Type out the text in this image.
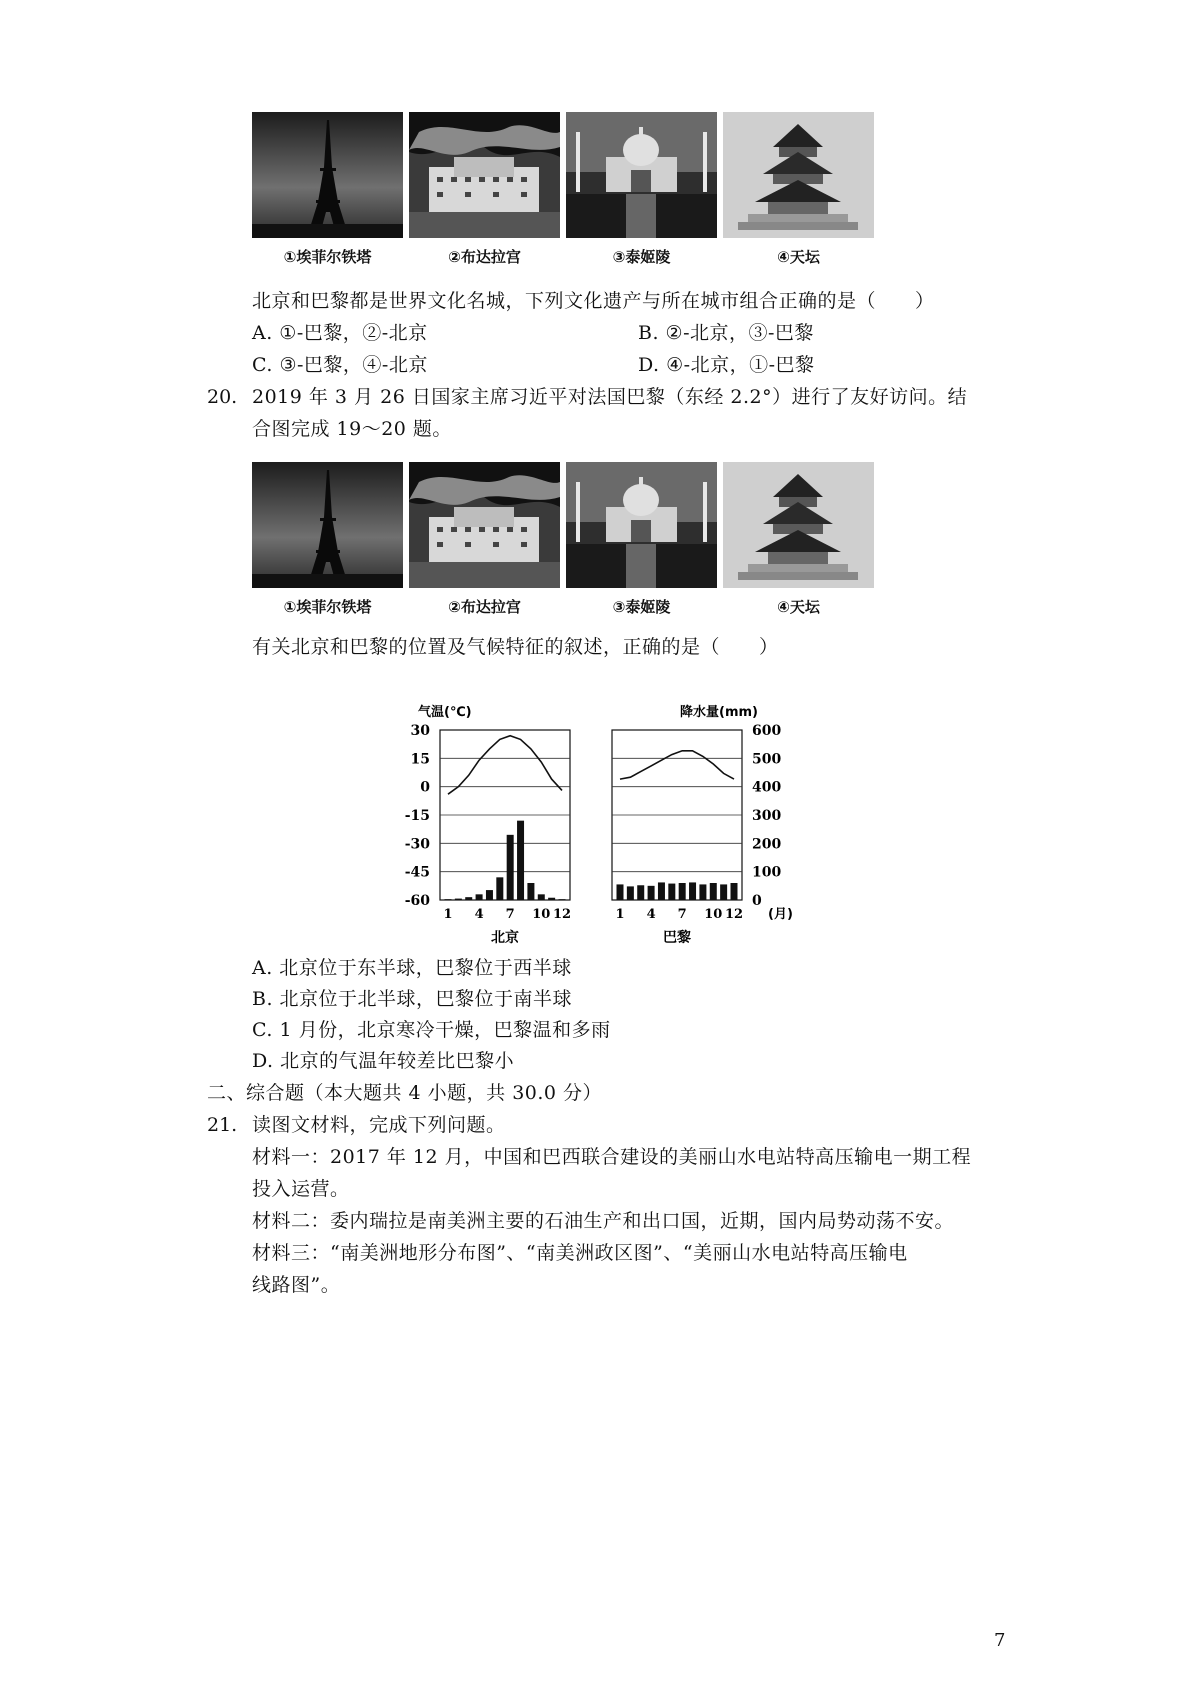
①埃菲尔铁塔	②布达拉宫	③泰姬陵	④天坛
北京和巴黎都是世界文化名城，下列文化遗产与所在城市组合正确的是（　　）
A. ①-巴黎，②-北京	B. ②-北京，③-巴黎
C. ③-巴黎，④-北京	D. ④-北京，①-巴黎
20. 2019 年 3 月 26 日国家主席习近平对法国巴黎（东经 2.2°）进行了友好访问。结
合图完成 19～20 题。
①埃菲尔铁塔	②布达拉宫	③泰姬陵	④天坛
有关北京和巴黎的位置及气候特征的叙述，正确的是（　　）
气温(℃)	降水量(mm)
30
15
0
-15
-30
-45
-60
600
500
400
300
200
100
0
1 4 7 10 12
北京
1 4 7 10 12
巴黎
(月)
A. 北京位于东半球，巴黎位于西半球
B. 北京位于北半球，巴黎位于南半球
C. 1 月份，北京寒冷干燥，巴黎温和多雨
D. 北京的气温年较差比巴黎小
二、综合题（本大题共 4 小题，共 30.0 分）
21. 读图文材料，完成下列问题。
材料一：2017 年 12 月，中国和巴西联合建设的美丽山水电站特高压输电一期工程
投入运营。
材料二：委内瑞拉是南美洲主要的石油生产和出口国，近期，国内局势动荡不安。
材料三：“南美洲地形分布图”、“南美洲政区图”、“美丽山水电站特高压输电
线路图”。
7
